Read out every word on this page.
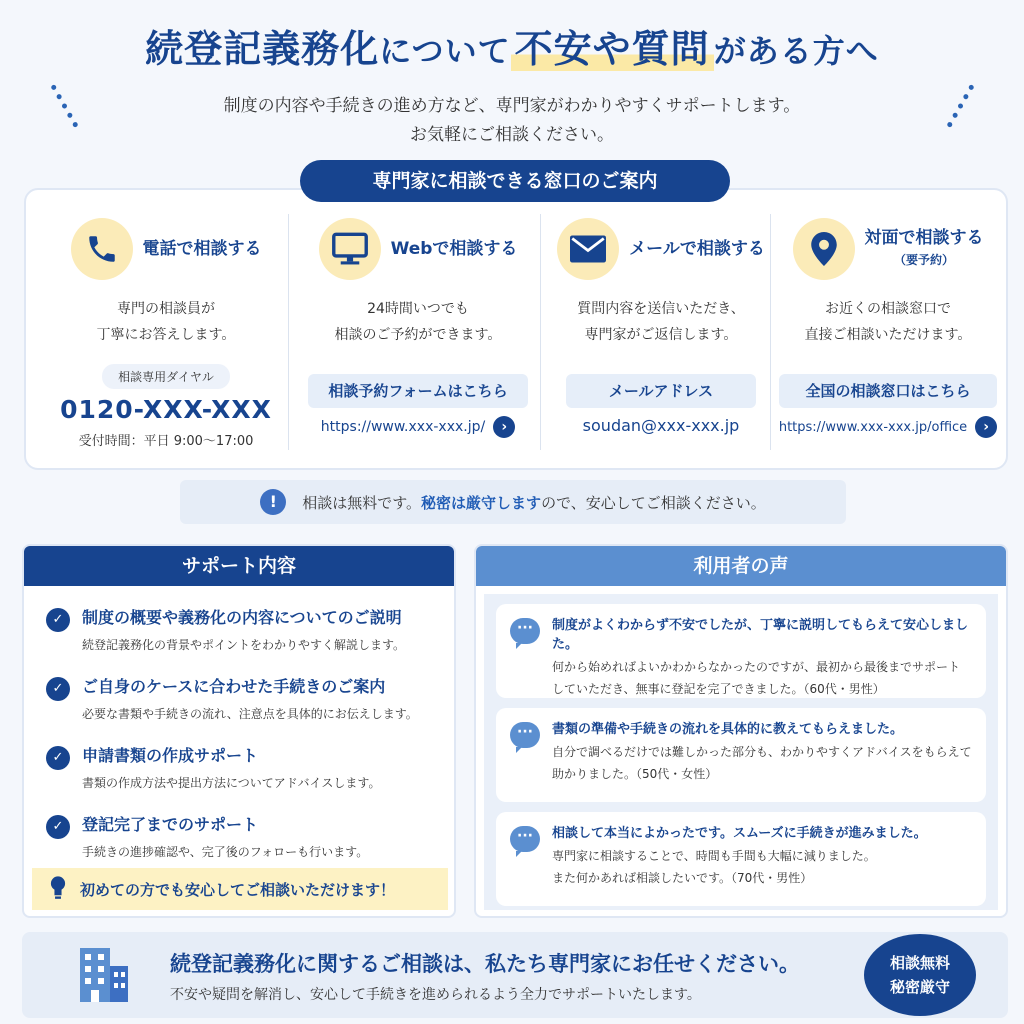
続登記義務化について 不安や質問 がある方へ
制度の内容や手続きの進め方など、専門家がわかりやすくサポートします。
お気軽にご相談ください。
専門家に相談できる窓口のご案内
電話で相談する
専門の相談員が
丁寧にお答えします。
相談専用ダイヤル
0120-XXX-XXX
受付時間：平日 9:00〜17:00
Webで相談する
24時間いつでも
相談のご予約ができます。
相談予約フォームはこちら
https://www.xxx-xxx.jp/	›
メールで相談する
質問内容を送信いただき、
専門家がご返信します。
メールアドレス
soudan@xxx-xxx.jp
対面で相談する
（要予約）
お近くの相談窓口で
直接ご相談いただけます。
全国の相談窓口はこちら
https://www.xxx-xxx.jp/office	›
!	相談は無料です。 秘密は厳守します ので、安心してご相談ください。
サポート内容
✓	制度の概要や義務化の内容についてのご説明
続登記義務化の背景やポイントをわかりやすく解説します。
✓	ご自身のケースに合わせた手続きのご案内
必要な書類や手続きの流れ、注意点を具体的にお伝えします。
✓	申請書類の作成サポート
書類の作成方法や提出方法についてアドバイスします。
✓	登記完了までのサポート
手続きの進捗確認や、完了後のフォローも行います。
初めての方でも安心してご相談いただけます！
利用者の声
···	制度がよくわからず不安でしたが、丁寧に説明してもらえて安心しました。
何から始めればよいかわからなかったのですが、最初から最後までサポート
していただき、無事に登記を完了できました。（60代・男性）
···	書類の準備や手続きの流れを具体的に教えてもらえました。
自分で調べるだけでは難しかった部分も、わかりやすくアドバイスをもらえて
助かりました。（50代・女性）
···	相談して本当によかったです。スムーズに手続きが進みました。
専門家に相談することで、時間も手間も大幅に減りました。
また何かあれば相談したいです。（70代・男性）
続登記義務化に関するご相談は、私たち専門家にお任せください。
不安や疑問を解消し、安心して手続きを進められるよう全力でサポートいたします。
相談無料
秘密厳守
